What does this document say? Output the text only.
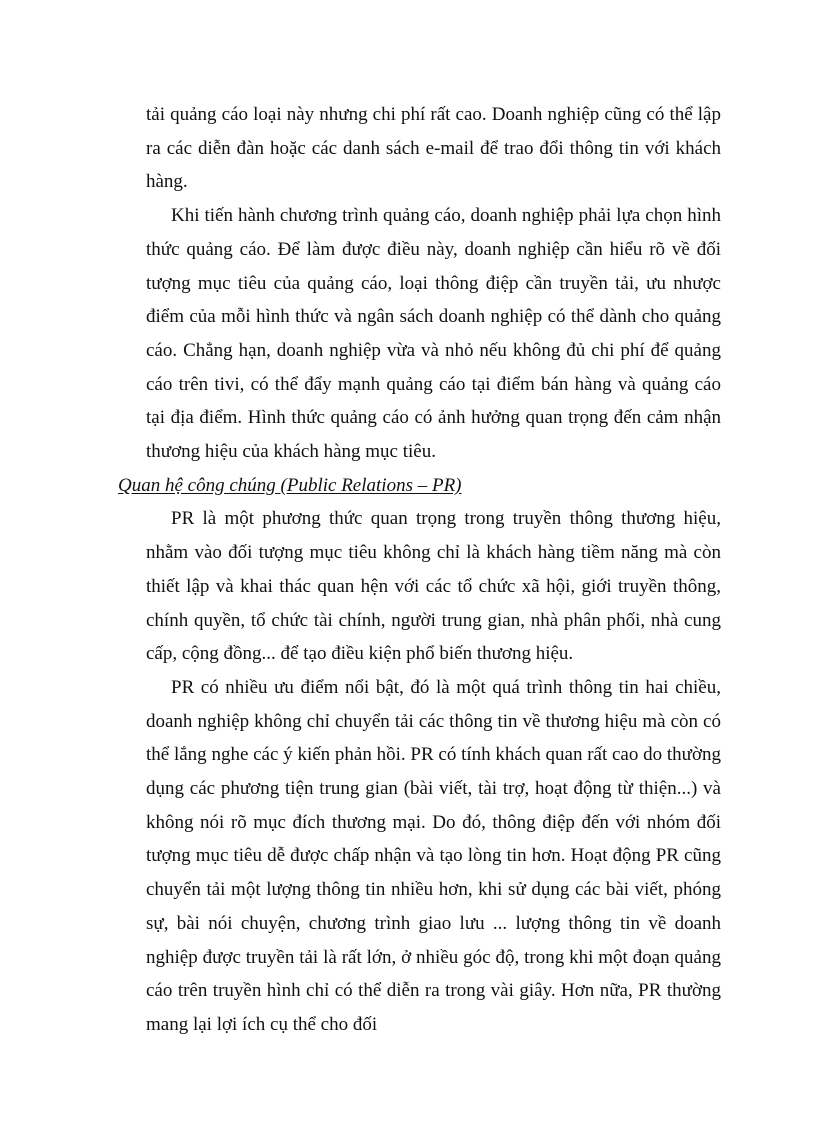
tải quảng cáo loại này nhưng chi phí rất cao. Doanh nghiệp cũng có thể lập ra các diễn đàn hoặc các danh sách e-mail để trao đổi thông tin với khách hàng.

Khi tiến hành chương trình quảng cáo, doanh nghiệp phải lựa chọn hình thức quảng cáo. Để làm được điều này, doanh nghiệp cần hiểu rõ về đối tượng mục tiêu của quảng cáo, loại thông điệp cần truyền tải, ưu nhược điểm của mỗi hình thức và ngân sách doanh nghiệp có thể dành cho quảng cáo. Chẳng hạn, doanh nghiệp vừa và nhỏ nếu không đủ chi phí để quảng cáo trên tivi, có thể đẩy mạnh quảng cáo tại điểm bán hàng và quảng cáo tại địa điểm. Hình thức quảng cáo có ảnh hưởng quan trọng đến cảm nhận thương hiệu của khách hàng mục tiêu.

Quan hệ công chúng (Public Relations – PR)

PR là một phương thức quan trọng trong truyền thông thương hiệu, nhằm vào đối tượng mục tiêu không chỉ là khách hàng tiềm năng mà còn thiết lập và khai thác quan hện với các tổ chức xã hội, giới truyền thông, chính quyền, tổ chức tài chính, người trung gian, nhà phân phối, nhà cung cấp, cộng đồng... để tạo điều kiện phổ biến thương hiệu.

PR có nhiều ưu điểm nổi bật, đó là một quá trình thông tin hai chiều, doanh nghiệp không chỉ chuyển tải các thông tin về thương hiệu mà còn có thể lắng nghe các ý kiến phản hồi. PR có tính khách quan rất cao do thường dụng các phương tiện trung gian (bài viết, tài trợ, hoạt động từ thiện...) và không nói rõ mục đích thương mại. Do đó, thông điệp đến với nhóm đối tượng mục tiêu dễ được chấp nhận và tạo lòng tin hơn. Hoạt động PR cũng chuyển tải một lượng thông tin nhiều hơn, khi sử dụng các bài viết, phóng sự, bài nói chuyện, chương trình giao lưu ... lượng thông tin về doanh nghiệp được truyền tải là rất lớn, ở nhiều góc độ, trong khi một đoạn quảng cáo trên truyền hình chỉ có thể diễn ra trong vài giây. Hơn nữa, PR thường mang lại lợi ích cụ thể cho đối
